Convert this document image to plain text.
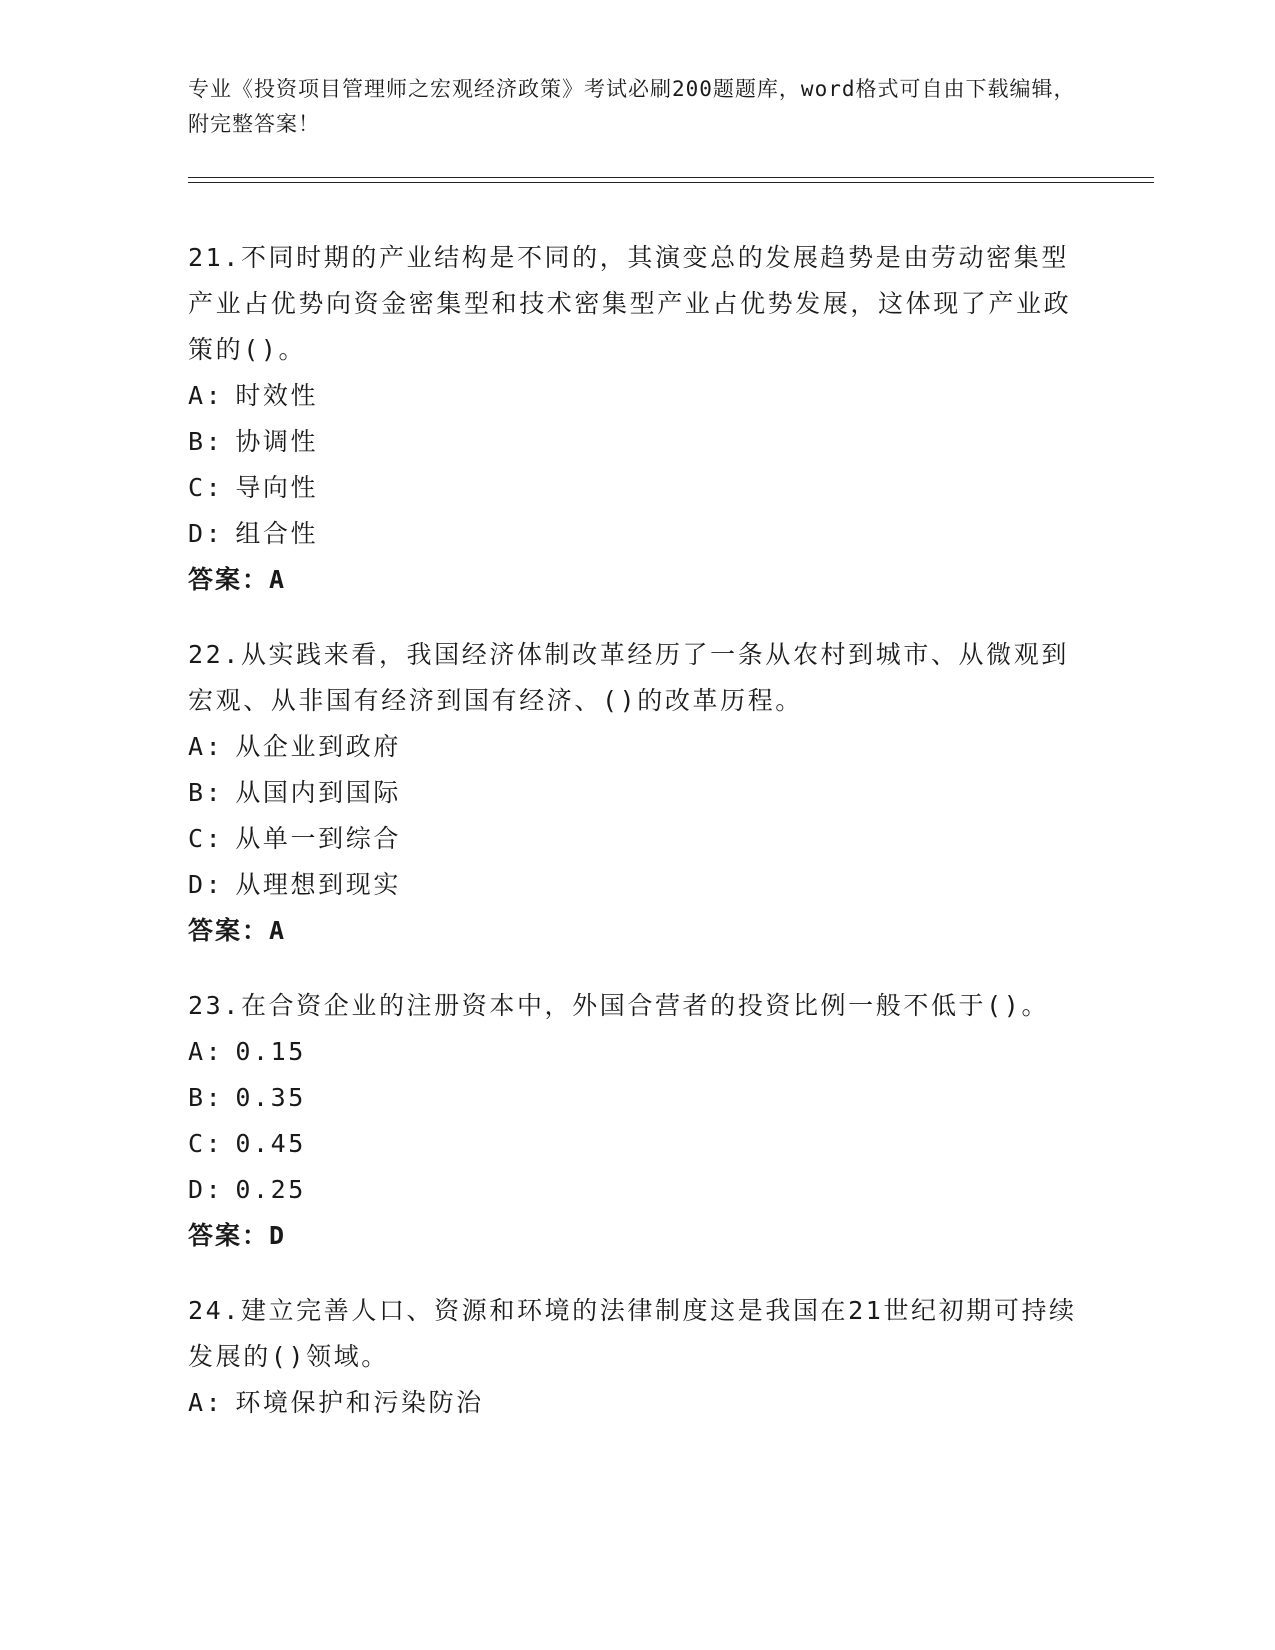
专业《投资项目管理师之宏观经济政策》考试必刷200题题库，word格式可自由下载编辑，附完整答案！

21.不同时期的产业结构是不同的，其演变总的发展趋势是由劳动密集型产业占优势向资金密集型和技术密集型产业占优势发展，这体现了产业政策的()。

A: 时效性
B: 协调性
C: 导向性
D: 组合性
答案：A

22.从实践来看，我国经济体制改革经历了一条从农村到城市、从微观到宏观、从非国有经济到国有经济、()的改革历程。

A: 从企业到政府
B: 从国内到国际
C: 从单一到综合
D: 从理想到现实
答案：A

23.在合资企业的注册资本中，外国合营者的投资比例一般不低于()。

A: 0.15
B: 0.35
C: 0.45
D: 0.25
答案：D

24.建立完善人口、资源和环境的法律制度这是我国在21世纪初期可持续发展的()领域。

A: 环境保护和污染防治
